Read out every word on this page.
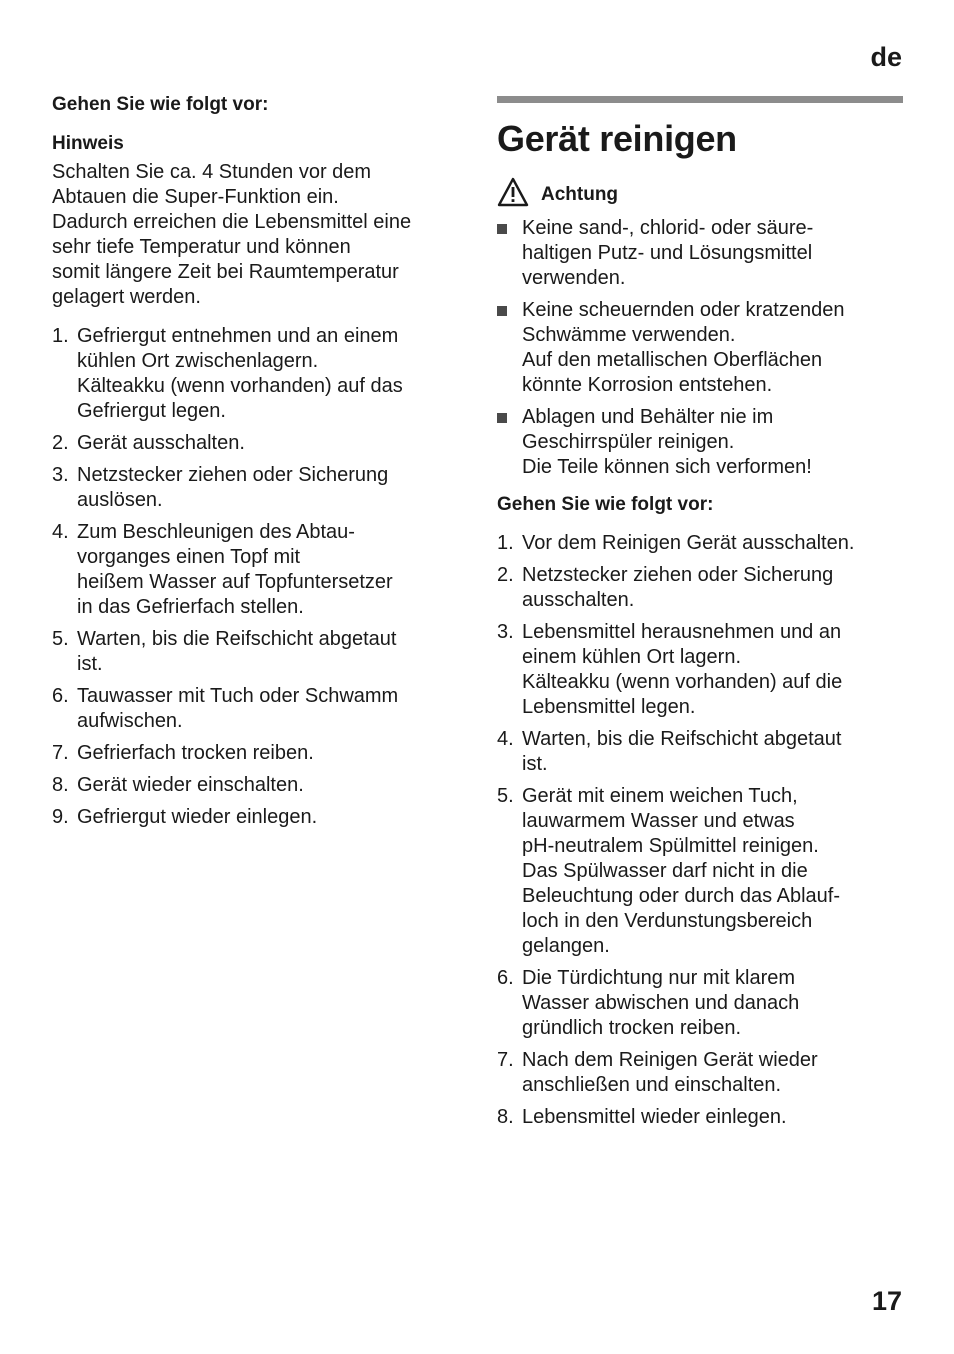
de

Gehen Sie wie folgt vor:

Hinweis

Schalten Sie ca. 4 Stunden vor dem
Abtauen die Super-Funktion ein.
Dadurch erreichen die Lebensmittel eine
sehr tiefe Temperatur und können
somit längere Zeit bei Raumtemperatur
gelagert werden.
1. Gefriergut entnehmen und an einem
kühlen Ort zwischenlagern.
Kälteakku (wenn vorhanden) auf das
Gefriergut legen.
2. Gerät ausschalten.
3. Netzstecker ziehen oder Sicherung
auslösen.
4. Zum Beschleunigen des Abtau-
vorganges einen Topf mit
heißem Wasser auf Topfuntersetzer
in das Gefrierfach stellen.
5. Warten, bis die Reifschicht abgetaut
ist.
6. Tauwasser mit Tuch oder Schwamm
aufwischen.
7. Gefrierfach trocken reiben.
8. Gerät wieder einschalten.
9. Gefriergut wieder einlegen.
Gerät reinigen
Achtung
Keine sand-, chlorid- oder säure-
haltigen Putz- und Lösungsmittel
verwenden.
Keine scheuernden oder kratzenden
Schwämme verwenden.
Auf den metallischen Oberflächen
könnte Korrosion entstehen.
Ablagen und Behälter nie im
Geschirrspüler reinigen.
Die Teile können sich verformen!

Gehen Sie wie folgt vor:

1. Vor dem Reinigen Gerät ausschalten.
2. Netzstecker ziehen oder Sicherung
ausschalten.
3. Lebensmittel herausnehmen und an
einem kühlen Ort lagern.
Kälteakku (wenn vorhanden) auf die
Lebensmittel legen.
4. Warten, bis die Reifschicht abgetaut
ist.
5. Gerät mit einem weichen Tuch,
lauwarmem Wasser und etwas
pH-neutralem Spülmittel reinigen.
Das Spülwasser darf nicht in die
Beleuchtung oder durch das Ablauf-
loch in den Verdunstungsbereich
gelangen.
6. Die Türdichtung nur mit klarem
Wasser abwischen und danach
gründlich trocken reiben.
7. Nach dem Reinigen Gerät wieder
anschließen und einschalten.
8. Lebensmittel wieder einlegen.
17
